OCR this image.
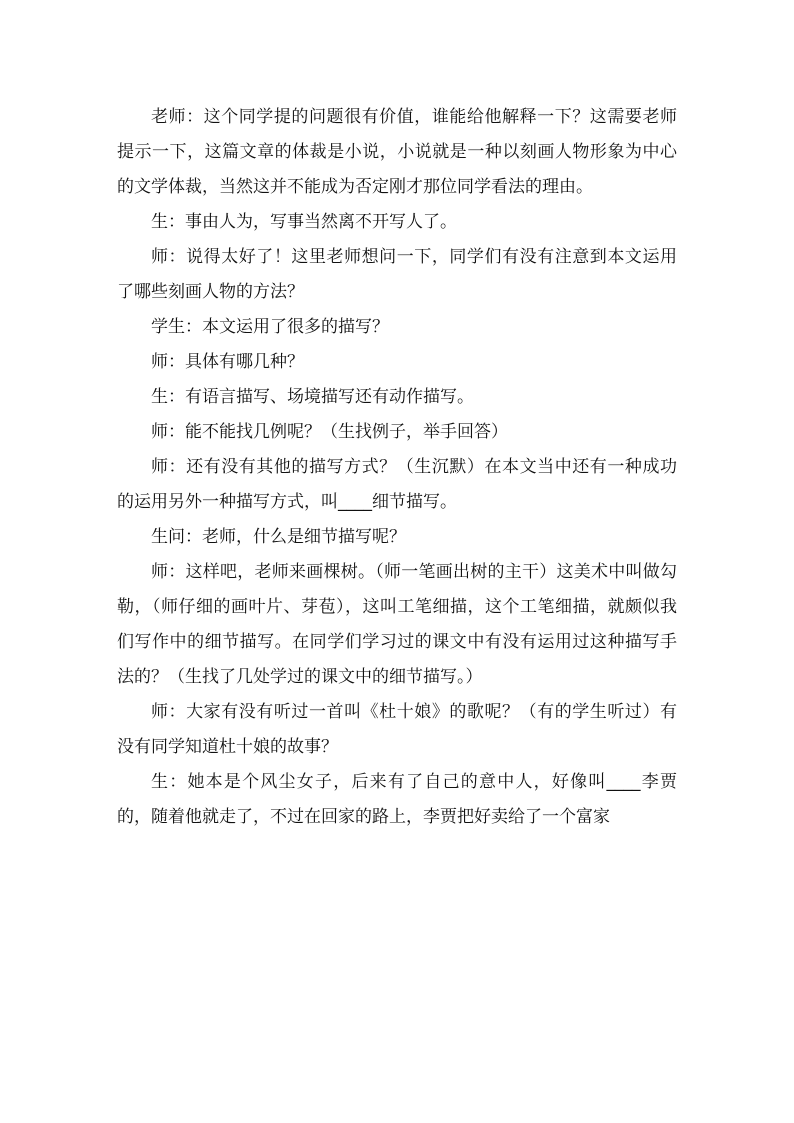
老师：这个同学提的问题很有价值，谁能给他解释一下？这需要老师提示一下，这篇文章的体裁是小说，小说就是一种以刻画人物形象为中心的文学体裁，当然这并不能成为否定刚才那位同学看法的理由。

生：事由人为，写事当然离不开写人了。

师：说得太好了！这里老师想问一下，同学们有没有注意到本文运用了哪些刻画人物的方法？

学生：本文运用了很多的描写？

师：具体有哪几种？

生：有语言描写、场境描写还有动作描写。

师：能不能找几例呢？（生找例子，举手回答）

师：还有没有其他的描写方式？（生沉默）在本文当中还有一种成功的运用另外一种描写方式，叫____细节描写。

生问：老师，什么是细节描写呢？

师：这样吧，老师来画棵树。（师一笔画出树的主干）这美术中叫做勾勒，（师仔细的画叶片、芽苞），这叫工笔细描，这个工笔细描，就颇似我们写作中的细节描写。在同学们学习过的课文中有没有运用过这种描写手法的？（生找了几处学过的课文中的细节描写。）

师：大家有没有听过一首叫《杜十娘》的歌呢？（有的学生听过）有没有同学知道杜十娘的故事？

生：她本是个风尘女子，后来有了自己的意中人，好像叫____李贾的，随着他就走了，不过在回家的路上，李贾把好卖给了一个富家
